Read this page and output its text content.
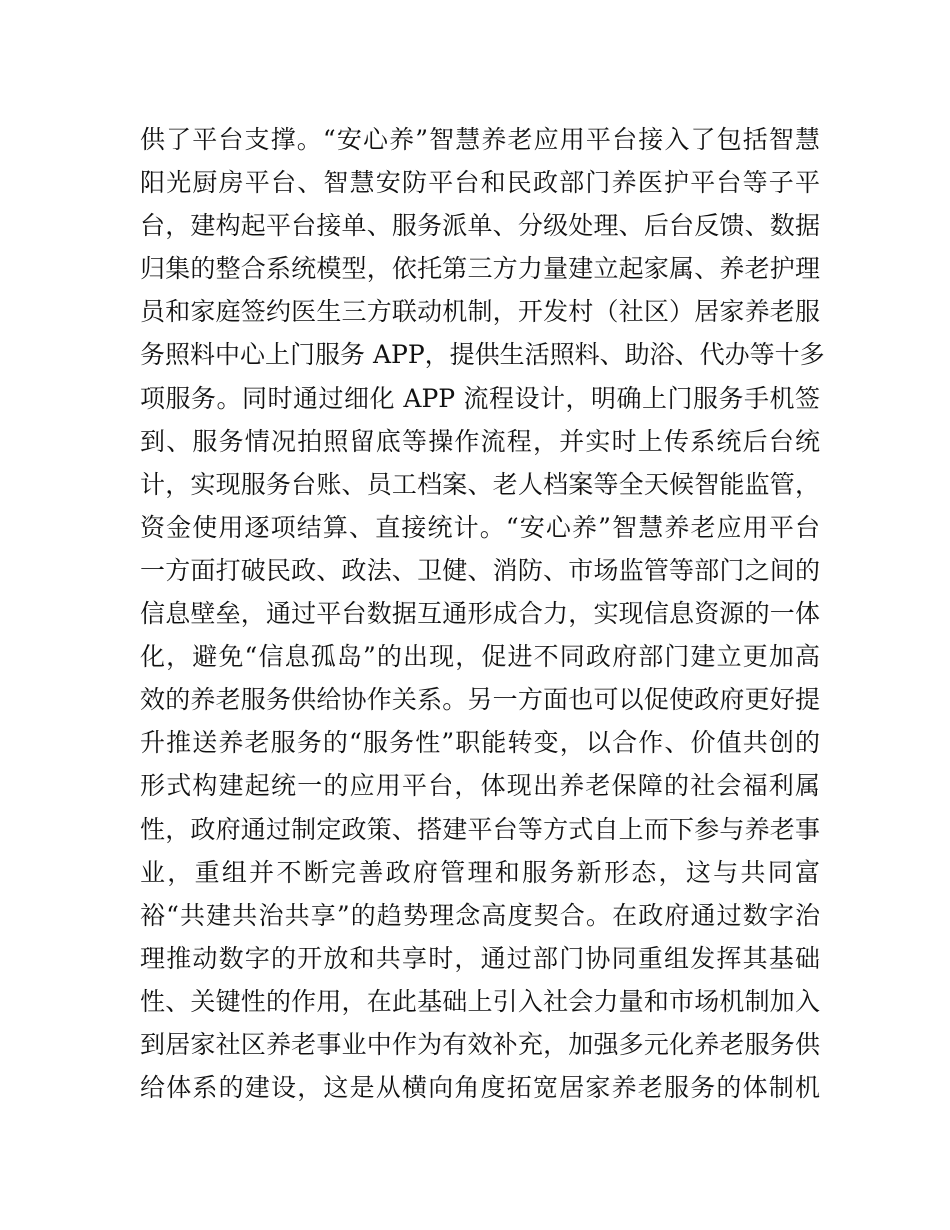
供了平台支撑。“安心养”智慧养老应用平台接入了包括智慧
阳光厨房平台、智慧安防平台和民政部门养医护平台等子平
台，建构起平台接单、服务派单、分级处理、后台反馈、数据
归集的整合系统模型，依托第三方力量建立起家属、养老护理
员和家庭签约医生三方联动机制，开发村（社区）居家养老服
务照料中心上门服务 APP，提供生活照料、助浴、代办等十多
项服务。同时通过细化 APP 流程设计，明确上门服务手机签
到、服务情况拍照留底等操作流程，并实时上传系统后台统
计，实现服务台账、员工档案、老人档案等全天候智能监管，
资金使用逐项结算、直接统计。“安心养”智慧养老应用平台
一方面打破民政、政法、卫健、消防、市场监管等部门之间的
信息壁垒，通过平台数据互通形成合力，实现信息资源的一体
化，避免“信息孤岛”的出现，促进不同政府部门建立更加高
效的养老服务供给协作关系。另一方面也可以促使政府更好提
升推送养老服务的“服务性”职能转变，以合作、价值共创的
形式构建起统一的应用平台，体现出养老保障的社会福利属
性，政府通过制定政策、搭建平台等方式自上而下参与养老事
业，重组并不断完善政府管理和服务新形态，这与共同富
裕“共建共治共享”的趋势理念高度契合。在政府通过数字治
理推动数字的开放和共享时，通过部门协同重组发挥其基础
性、关键性的作用，在此基础上引入社会力量和市场机制加入
到居家社区养老事业中作为有效补充，加强多元化养老服务供
给体系的建设，这是从横向角度拓宽居家养老服务的体制机
